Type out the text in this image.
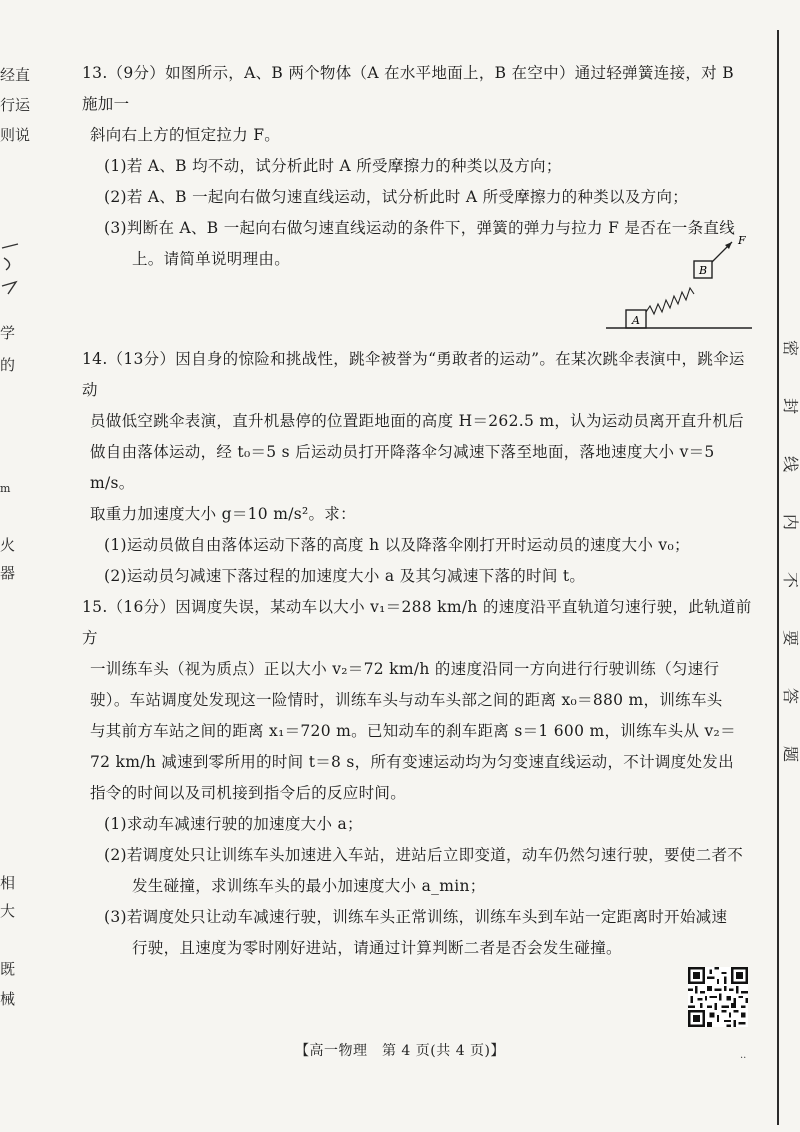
经直
行运
则说
学
的
m
火
器
相
大
既
械
密
封
线
内
不
要
答
题

13.（9分）如图所示，A、B 两个物体（A 在水平地面上，B 在空中）通过轻弹簧连接，对 B 施加一

斜向右上方的恒定拉力 F。

(1)若 A、B 均不动，试分析此时 A 所受摩擦力的种类以及方向；

(2)若 A、B 一起向右做匀速直线运动，试分析此时 A 所受摩擦力的种类以及方向；

(3)判断在 A、B 一起向右做匀速直线运动的条件下，弹簧的弹力与拉力 F 是否在一条直线

上。请简单说明理由。

A
B
F

14.（13分）因自身的惊险和挑战性，跳伞被誉为“勇敢者的运动”。在某次跳伞表演中，跳伞运动

员做低空跳伞表演，直升机悬停的位置距地面的高度 H＝262.5 m，认为运动员离开直升机后

做自由落体运动，经 t₀＝5 s 后运动员打开降落伞匀减速下落至地面，落地速度大小 v＝5 m/s。

取重力加速度大小 g＝10 m/s²。求：

(1)运动员做自由落体运动下落的高度 h 以及降落伞刚打开时运动员的速度大小 v₀；

(2)运动员匀减速下落过程的加速度大小 a 及其匀减速下落的时间 t。

15.（16分）因调度失误，某动车以大小 v₁＝288 km/h 的速度沿平直轨道匀速行驶，此轨道前方

一训练车头（视为质点）正以大小 v₂＝72 km/h 的速度沿同一方向进行行驶训练（匀速行

驶）。车站调度处发现这一险情时，训练车头与动车头部之间的距离 x₀＝880 m，训练车头

与其前方车站之间的距离 x₁＝720 m。已知动车的刹车距离 s＝1 600 m，训练车头从 v₂＝

72 km/h 减速到零所用的时间 t＝8 s，所有变速运动均为匀变速直线运动，不计调度处发出

指令的时间以及司机接到指令后的反应时间。

(1)求动车减速行驶的加速度大小 a；

(2)若调度处只让训练车头加速进入车站，进站后立即变道，动车仍然匀速行驶，要使二者不

发生碰撞，求训练车头的最小加速度大小 a_min；

(3)若调度处只让动车减速行驶，训练车头正常训练，训练车头到车站一定距离时开始减速

行驶，且速度为零时刚好进站，请通过计算判断二者是否会发生碰撞。

【高一物理　第 4 页(共 4 页)】	..
